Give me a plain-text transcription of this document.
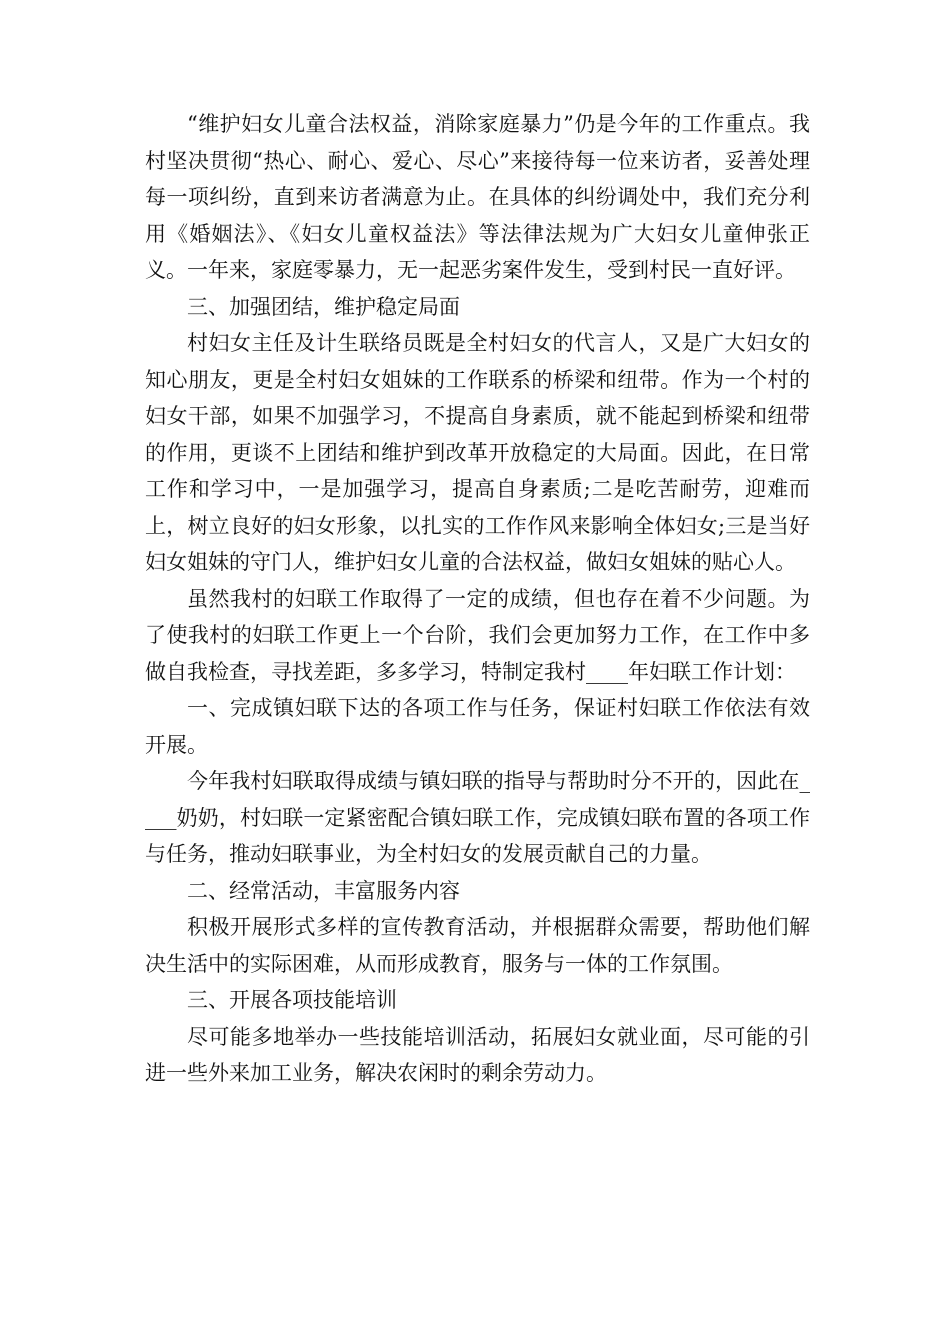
“维护妇女儿童合法权益，消除家庭暴力”仍是今年的工作重点。我村坚决贯彻“热心、耐心、爱心、尽心”来接待每一位来访者，妥善处理每一项纠纷，直到来访者满意为止。在具体的纠纷调处中，我们充分利用《婚姻法》、《妇女儿童权益法》等法律法规为广大妇女儿童伸张正义。一年来，家庭零暴力，无一起恶劣案件发生，受到村民一直好评。

三、加强团结，维护稳定局面

村妇女主任及计生联络员既是全村妇女的代言人，又是广大妇女的知心朋友，更是全村妇女姐妹的工作联系的桥梁和纽带。作为一个村的妇女干部，如果不加强学习，不提高自身素质，就不能起到桥梁和纽带的作用，更谈不上团结和维护到改革开放稳定的大局面。因此，在日常工作和学习中，一是加强学习，提高自身素质;二是吃苦耐劳，迎难而上，树立良好的妇女形象，以扎实的工作作风来影响全体妇女;三是当好妇女姐妹的守门人，维护妇女儿童的合法权益，做妇女姐妹的贴心人。

虽然我村的妇联工作取得了一定的成绩，但也存在着不少问题。为了使我村的妇联工作更上一个台阶，我们会更加努力工作，在工作中多做自我检查，寻找差距，多多学习，特制定我村____年妇联工作计划：

一、完成镇妇联下达的各项工作与任务，保证村妇联工作依法有效开展。

今年我村妇联取得成绩与镇妇联的指导与帮助时分不开的，因此在____奶奶，村妇联一定紧密配合镇妇联工作，完成镇妇联布置的各项工作与任务，推动妇联事业，为全村妇女的发展贡献自己的力量。

二、经常活动，丰富服务内容

积极开展形式多样的宣传教育活动，并根据群众需要，帮助他们解决生活中的实际困难，从而形成教育，服务与一体的工作氛围。

三、开展各项技能培训

尽可能多地举办一些技能培训活动，拓展妇女就业面，尽可能的引进一些外来加工业务，解决农闲时的剩余劳动力。
